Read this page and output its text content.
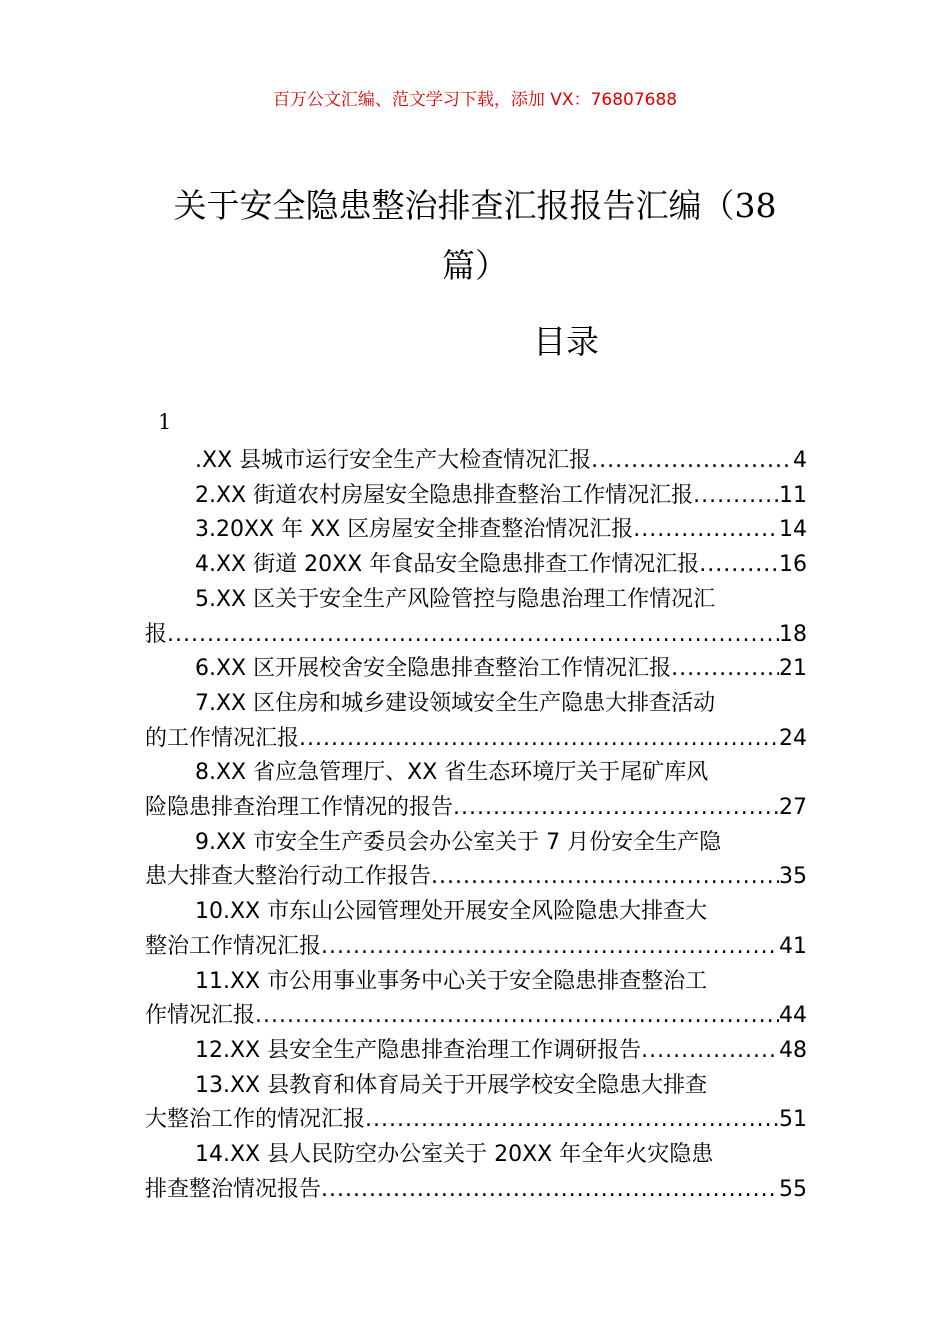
百万公文汇编、范文学习下载，添加 VX：76807688
关于安全隐患整治排查汇报报告汇编（38
篇）
目录
1
.XX 县城市运行安全生产大检查情况汇报 .....	4
2.XX 街道农村房屋安全隐患排查整治工作情况汇报 .....	11
3.20XX 年 XX 区房屋安全排查整治情况汇报 .....	14
4.XX 街道 20XX 年食品安全隐患排查工作情况汇报 .....	16
5.XX 区关于安全生产风险管控与隐患治理工作情况汇
报 .....	18
6.XX 区开展校舍安全隐患排查整治工作情况汇报 .....	21
7.XX 区住房和城乡建设领域安全生产隐患大排查活动
的工作情况汇报 .....	24
8.XX 省应急管理厅、XX 省生态环境厅关于尾矿库风
险隐患排查治理工作情况的报告 .....	27
9.XX 市安全生产委员会办公室关于 7 月份安全生产隐
患大排查大整治行动工作报告 .....	35
10.XX 市东山公园管理处开展安全风险隐患大排查大
整治工作情况汇报 .....	41
11.XX 市公用事业事务中心关于安全隐患排查整治工
作情况汇报 .....	44
12.XX 县安全生产隐患排查治理工作调研报告 .....	48
13.XX 县教育和体育局关于开展学校安全隐患大排查
大整治工作的情况汇报 .....	51
14.XX 县人民防空办公室关于 20XX 年全年火灾隐患
排查整治情况报告 .....	55
